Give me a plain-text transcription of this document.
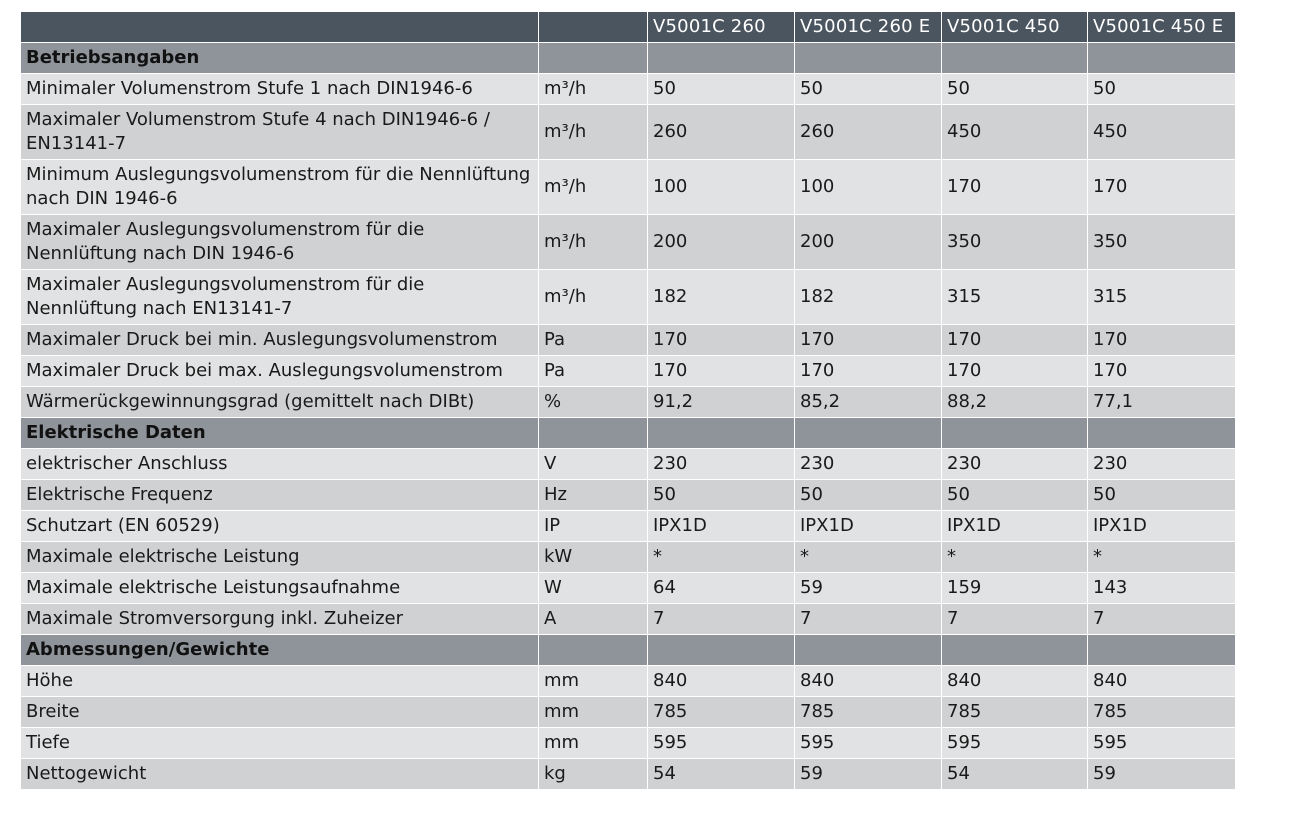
		V5001C 260	V5001C 260 E	V5001C 450	V5001C 450 E
Betriebsangaben					
Minimaler Volumenstrom Stufe 1 nach DIN1946-6	m³/h	50	50	50	50
Maximaler Volumenstrom Stufe 4 nach DIN1946-6 / EN13141-7	m³/h	260	260	450	450
Minimum Auslegungsvolumenstrom für die Nennlüftung nach DIN 1946-6	m³/h	100	100	170	170
Maximaler Auslegungsvolumenstrom für die Nennlüftung nach DIN 1946-6	m³/h	200	200	350	350
Maximaler Auslegungsvolumenstrom für die Nennlüftung nach EN13141-7	m³/h	182	182	315	315
Maximaler Druck bei min. Auslegungsvolumenstrom	Pa	170	170	170	170
Maximaler Druck bei max. Auslegungsvolumenstrom	Pa	170	170	170	170
Wärmerückgewinnungsgrad (gemittelt nach DIBt)	%	91,2	85,2	88,2	77,1
Elektrische Daten					
elektrischer Anschluss	V	230	230	230	230
Elektrische Frequenz	Hz	50	50	50	50
Schutzart (EN 60529)	IP	IPX1D	IPX1D	IPX1D	IPX1D
Maximale elektrische Leistung	kW	*	*	*	*
Maximale elektrische Leistungsaufnahme	W	64	59	159	143
Maximale Stromversorgung inkl. Zuheizer	A	7	7	7	7
Abmessungen/Gewichte					
Höhe	mm	840	840	840	840
Breite	mm	785	785	785	785
Tiefe	mm	595	595	595	595
Nettogewicht	kg	54	59	54	59
